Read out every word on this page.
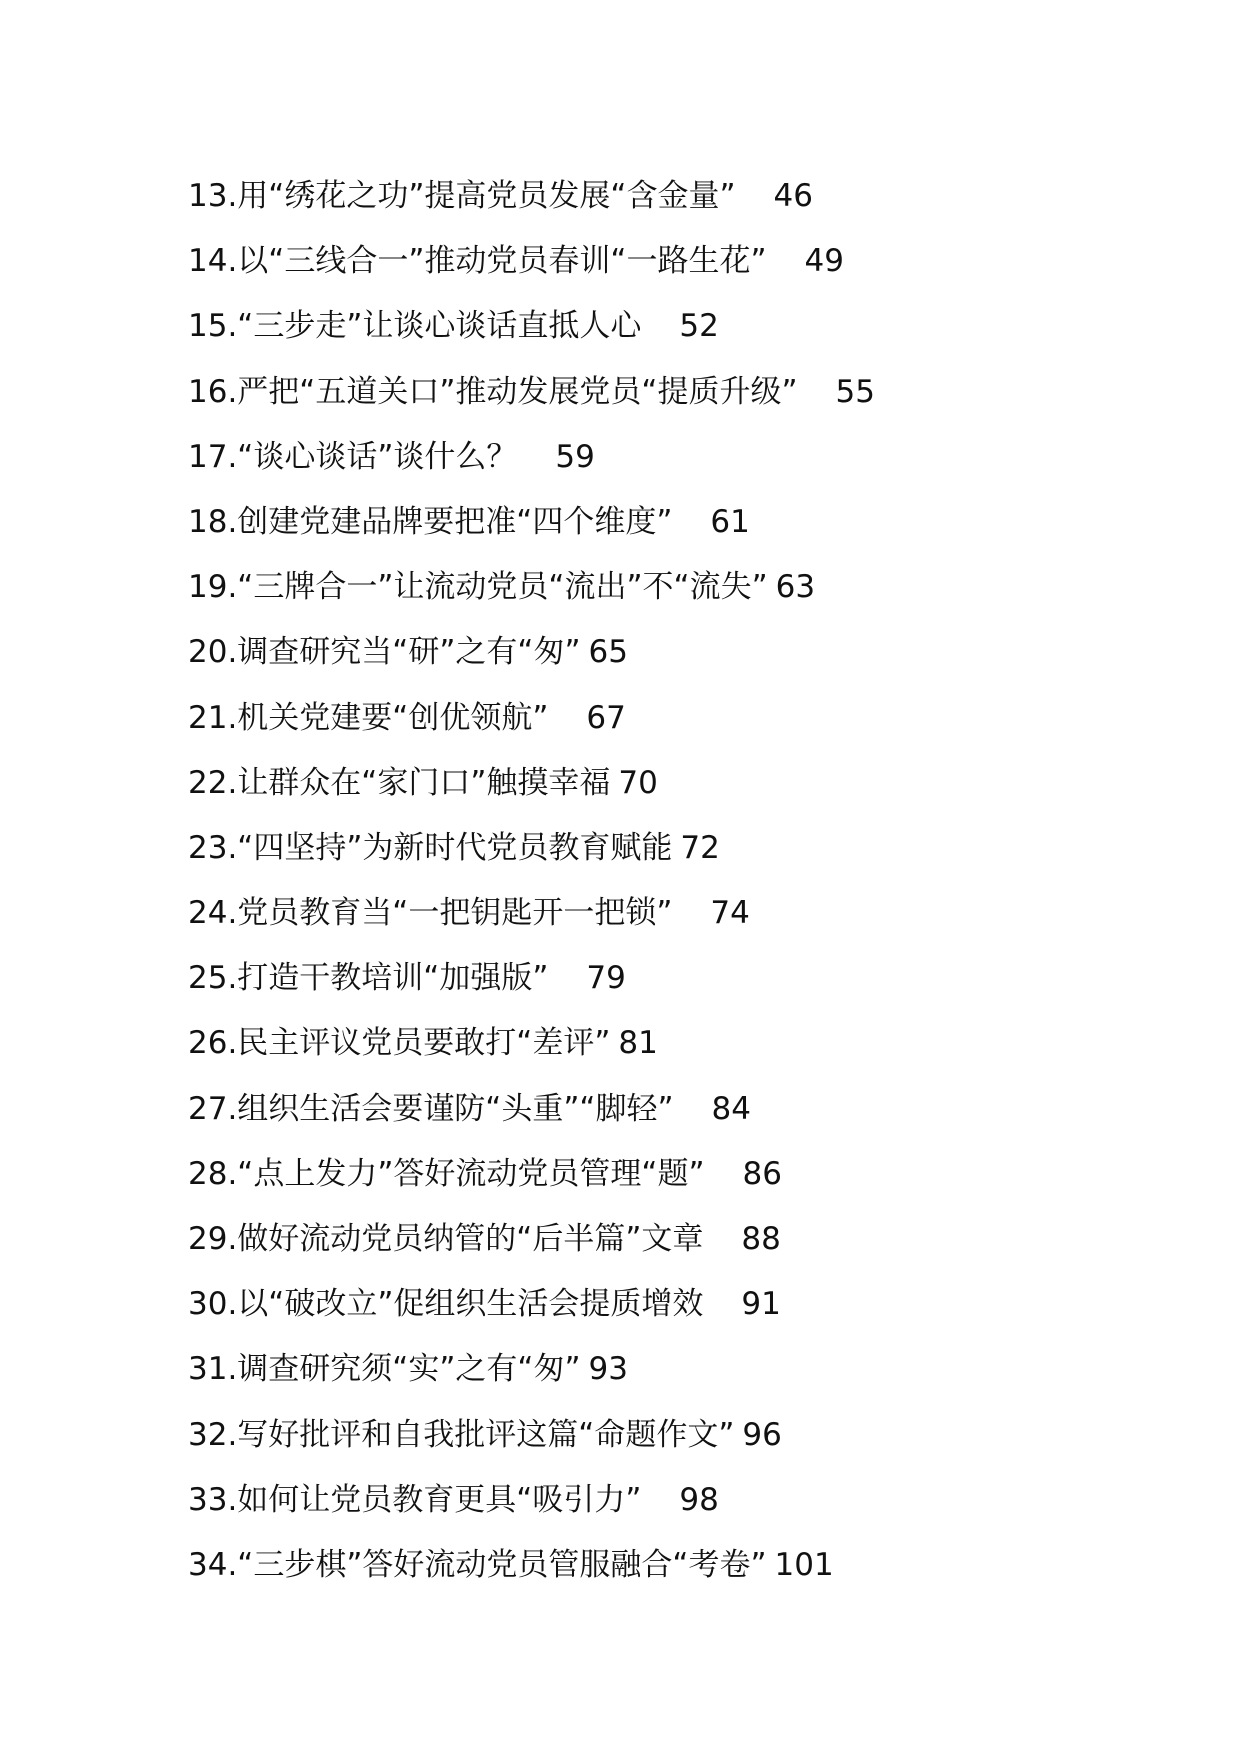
13.用“绣花之功”提高党员发展“含金量” 46
14.以“三线合一”推动党员春训“一路生花” 49
15.“三步走”让谈心谈话直抵人心 52
16.严把“五道关口”推动发展党员“提质升级” 55
17.“谈心谈话”谈什么？ 59
18.创建党建品牌要把准“四个维度” 61
19.“三牌合一”让流动党员“流出”不“流失” 63
20.调查研究当“研”之有“匆” 65
21.机关党建要“创优领航” 67
22.让群众在“家门口”触摸幸福 70
23.“四坚持”为新时代党员教育赋能 72
24.党员教育当“一把钥匙开一把锁” 74
25.打造干教培训“加强版” 79
26.民主评议党员要敢打“差评” 81
27.组织生活会要谨防“头重”“脚轻” 84
28.“点上发力”答好流动党员管理“题” 86
29.做好流动党员纳管的“后半篇”文章 88
30.以“破改立”促组织生活会提质增效 91
31.调查研究须“实”之有“匆” 93
32.写好批评和自我批评这篇“命题作文” 96
33.如何让党员教育更具“吸引力” 98
34.“三步棋”答好流动党员管服融合“考卷” 101
